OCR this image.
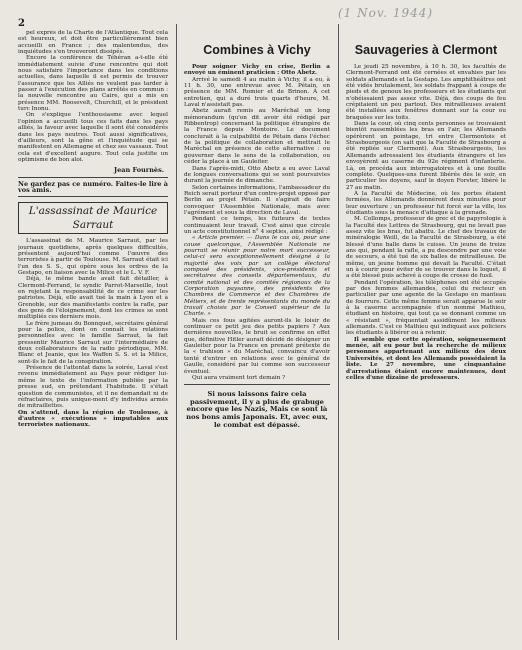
2
(1 Nov. 1944)

pel exprès de la Charte de l'Atlantique. Tout cela est heureux, et doit être particulièrement bien accueilli en France ; des malentendus, des inquiétudes s'en trouveront dissipés.

Encore la conférence de Téhéran a-t-elle été immédiatement suivie d'une rencontre qui doit nous satisfaire l'importance dans les conditions actuelles, dans laquelle il est permis de trouver l'assurance que les Alliés ne veulent pas tarder à passer à l'exécution des plans arrêtés en commun : la nouvelle rencontre au Caire, qui a mis en présence MM. Roosevelt, Churchill, et le président turc Inonu.

On s'explique l'enthousiasme avec lequel l'opinion a accueilli tous ces faits dans les pays alliés, la faveur avec laquelle il sont été considérés dans les pays neutres. Tout aussi significatives, d'ailleurs, sont la gêne et l'inquiétude qui se manifestent en Allemagne et chez ses vassaux. Tout cela est d'excellent augure. Tout cela justifie un optimisme de bon aloi.

Jean Fournès.
Ne gardez pas ce numéro. Faites-le lire à vos amis.
L'assassinat de Maurice Sarraut

L'assassinat de M. Maurice Sarraut, par les journaux quotidiens, après quelques difficultés, présentent aujourd'hui comme l'œuvre des terroristes à partir de Toulouse. M. Sarraut était ici l'un des S. S., qui opère sous les ordres de la Gestapo, en liaison avec la Milice et le L. V. F.

Déjà, le même bande avait fait détailler, à Clermont-Ferrand, le syndic Parrot-Marseille, tout en rejetant la responsabilité de ce crime sur les patriotes. Déjà, elle avait tué la main à Lyon et à Grenoble, sur des manifestants contre la rafle, par des gens de l'éloignement, dont les crimes se sont multipliés ces derniers mois.

Le frère jumeau du Bonnquet, secrétaire général pour la police, dont on connaît les relations personnelles avec le famille Sarraut, la fait pressentir Maurice Sarraut sur l'intermédiaire de deux collaborateurs de la radio périodique, MM. Blanc et Jeanie, que les Waffen S. S. et la Milice, sont-ils le fait de la conspiration.

Présence de l'attentat dans la soirée, Laval s'est revenu immédiatement au Pays pour rédiger lui-même le texte de l'information publiée par la presse sud, en prétendant l'habitude. Il s'était question de communistes, et il ne demandait ni de réfractaires, puis unique-ment d'y individus armés de mitraillettes.

On s'attend, dans la région de Toulouse, à d'autres « exécutions » imputables aux terroristes nationaux.

Combines à Vichy

Pour soigner Vichy en crise, Berlin a envoyé un éminent praticien : Otto Abetz.

Arrivé le samedi 4 au matin à Vichy, il a eu, à 11 h. 30, une entrevue avec M. Pétain, en présence de MM. Romier et de Brinon. À cet entretien, qui a duré trois quarts d'heure, M. Laval n'assistait pas.

Abetz aurait remis au Maréchal un long mémorandum (qu'on dit avoir été rédigé par Ribbentrop) concernant la politique étrangère de la France depuis Montoire. Le document conclurait à la culpabilité de Pétain dans l'échec de la politique de collaboration et mettrait le Maréchal en présence de cette alternative : ou gouverner dans le sens de la collaboration, ou céder la place à un Gauleiter.

Dans l'après-midi, Otto Abetz a eu avec Laval de longues conversations qui se sont poursuivies durant la journée de dimanche.

Selon certaines informations, l'ambassadeur du Reich serait porteur d'un contre-projet opposé par Berlin au projet Pétain. Il s'agirait de faire convoquer l'Assemblée Nationale, mais avec l'agrément et sous la direction de Laval.

Pendant ce temps, les fuiteurs de textes continuaient leur travail. C'est ainsi que circule un acte constitutionnel n° 4 septies, ainsi rédigé :

« Article premier. — Dans le cas où, pour une cause quelconque, l'Assemblée Nationale ne pourrait se réunir pour notre mort successeur, celui-ci sera exceptionnellement désigné à la majorité des voix par un collège électoral composé des présidents, vice-présidents et secrétaires des conseils départementaux, du comité national et des comités régionaux de la Corporation paysanne, des présidents des Chambres de Commerce et des Chambres de Métiers, et de trente représentants du monde du travail choisis par le Conseil supérieur de la Charte. »

Mais ces fous agitées auront-ils le loisir de continuer ce petit jeu des petits papiers ? Aux dernières nouvelles, le bruit se confirme en effet que, définitive Hitler aurait décidé de désigner un Gauleiter pour la France en prenant prétexte de la « trahison » du Maréchal, convaincu d'avoir tenté d'entrer en relations avec le général de Gaulle, considéré par lui comme son successeur éventuel.

Qui aura vraiment tort demain ?

Si nous laissons faire cela passivement, il y a plus de grabuge encore que les Nazis, Mais ce sont là nos bons amis Japonais. Et, avec eux, le combat est dépassé.
Sauvageries à Clermont

Le jeudi 25 novembre, à 10 h. 30, les facultés de Clermont-Ferrand ont été cernées et envahies par les soldats allemands et la Gestapo. Les amphithéâtres ont été vidés brutalement, les soldats frappant à coups de pieds et de genoux les professeurs et les étudiants qui n'obéissaient pas assez vite. Déjà, des coups de feu crépitaient un peu partout. Des mitrailleuses avaient été installées aux fenêtres donnant sur la cour ou braquées sur les toits.

Dans la cour, où cinq cents personnes se trouvaient bientôt rassemblées les bras en l'air, les Allemands opérèrent un pointage, tri entre Clermontois et Strasbourgeois (on sait que la Faculté de Strasbourg a été repliée sur Clermont). Aux Strasbourgeois, les Allemands adressaient les étudiants étrangers et les envoyèrent au caserne du 92e régiment d'infanterie. Là, on procéda aux interrogatoires et à une fouille complète. Quelques-uns furent libérés dès le soir, en particulier les doyens, sauf le doyen Forster, libéré le 27 au matin.

À la Faculté de Médecine, où les portes étaient fermées, les Allemands donnèrent deux minutes pour leur ouverture ; un professeur fut forcé sur la ville, les étudiants sous la menace d'attaque à la grenade.

M. Collomps, professeur de grec et de papyrologie à la Faculté des Lettres de Strasbourg, qui ne levait pas assez vite les bras, fut abattu. Le chef des travaux de minéralogie Weill, de la Faculté de Strasbourg, a été blessé d'une balle dans le cuisse. Un jeune de treize ans qui, pendant la rafle, a pu descendre par une voie de secours, a été tué de six balles de mitrailleuse. De même, un jeune homme qui devait la Faculté. C'était un à courir pour éviter de se trouver dans le loquet, il a été blessé puis achevé à coups de crosse de fusil.

Pendant l'opération, les téléphones ont été occupés par des femmes allemandes, celui du recteur en particulier par une agente de la Gestapo en manteau de fourrure. Cette même femme serait apparue le soir à la caserne accompagnée d'un nommé Mathieu, étudiant en histoire, qui tout ça se donnant comme un « résistant », fréquentait assidûment les milieux allemands. C'est ce Mathieu qui indiquait aux policiers les étudiants à libérer ou à retenir.

Il semble que cette opération, soigneusement menée, ait eu pour but la recherche de milieux personnes appartenant aux milieux des deux Universités, et dont les Allemands possédaient la liste. Le 27 novembre, une cinquantaine d'arrestations étaient encore maintenues, dont celles d'une dizaine de professeurs.
